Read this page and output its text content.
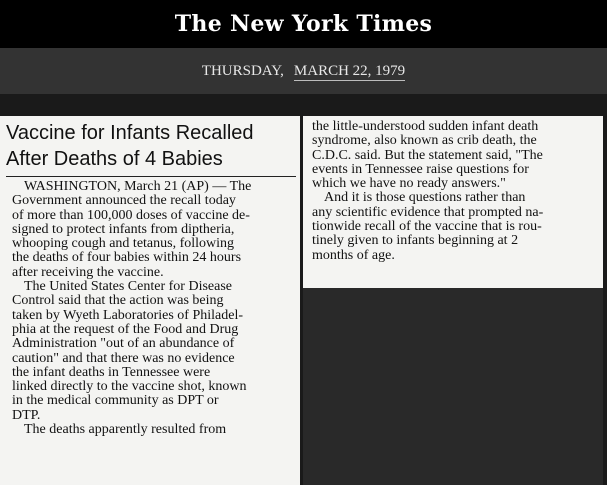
The New York Times
THURSDAY, MARCH 22, 1979
Vaccine for Infants Recalled
After Deaths of 4 Babies
WASHINGTON, March 21 (AP) — The
Government announced the recall today
of more than 100,000 doses of vaccine de-
signed to protect infants from diptheria,
whooping cough and tetanus, following
the deaths of four babies within 24 hours
after receiving the vaccine.
The United States Center for Disease
Control said that the action was being
taken by Wyeth Laboratories of Philadel-
phia at the request of the Food and Drug
Administration "out of an abundance of
caution" and that there was no evidence
the infant deaths in Tennessee were
linked directly to the vaccine shot, known
in the medical community as DPT or
DTP.
The deaths apparently resulted from
the little-understood sudden infant death
syndrome, also known as crib death, the
C.D.C. said. But the statement said, "The
events in Tennessee raise questions for
which we have no ready answers."
And it is those questions rather than
any scientific evidence that prompted na-
tionwide recall of the vaccine that is rou-
tinely given to infants beginning at 2
months of age.
